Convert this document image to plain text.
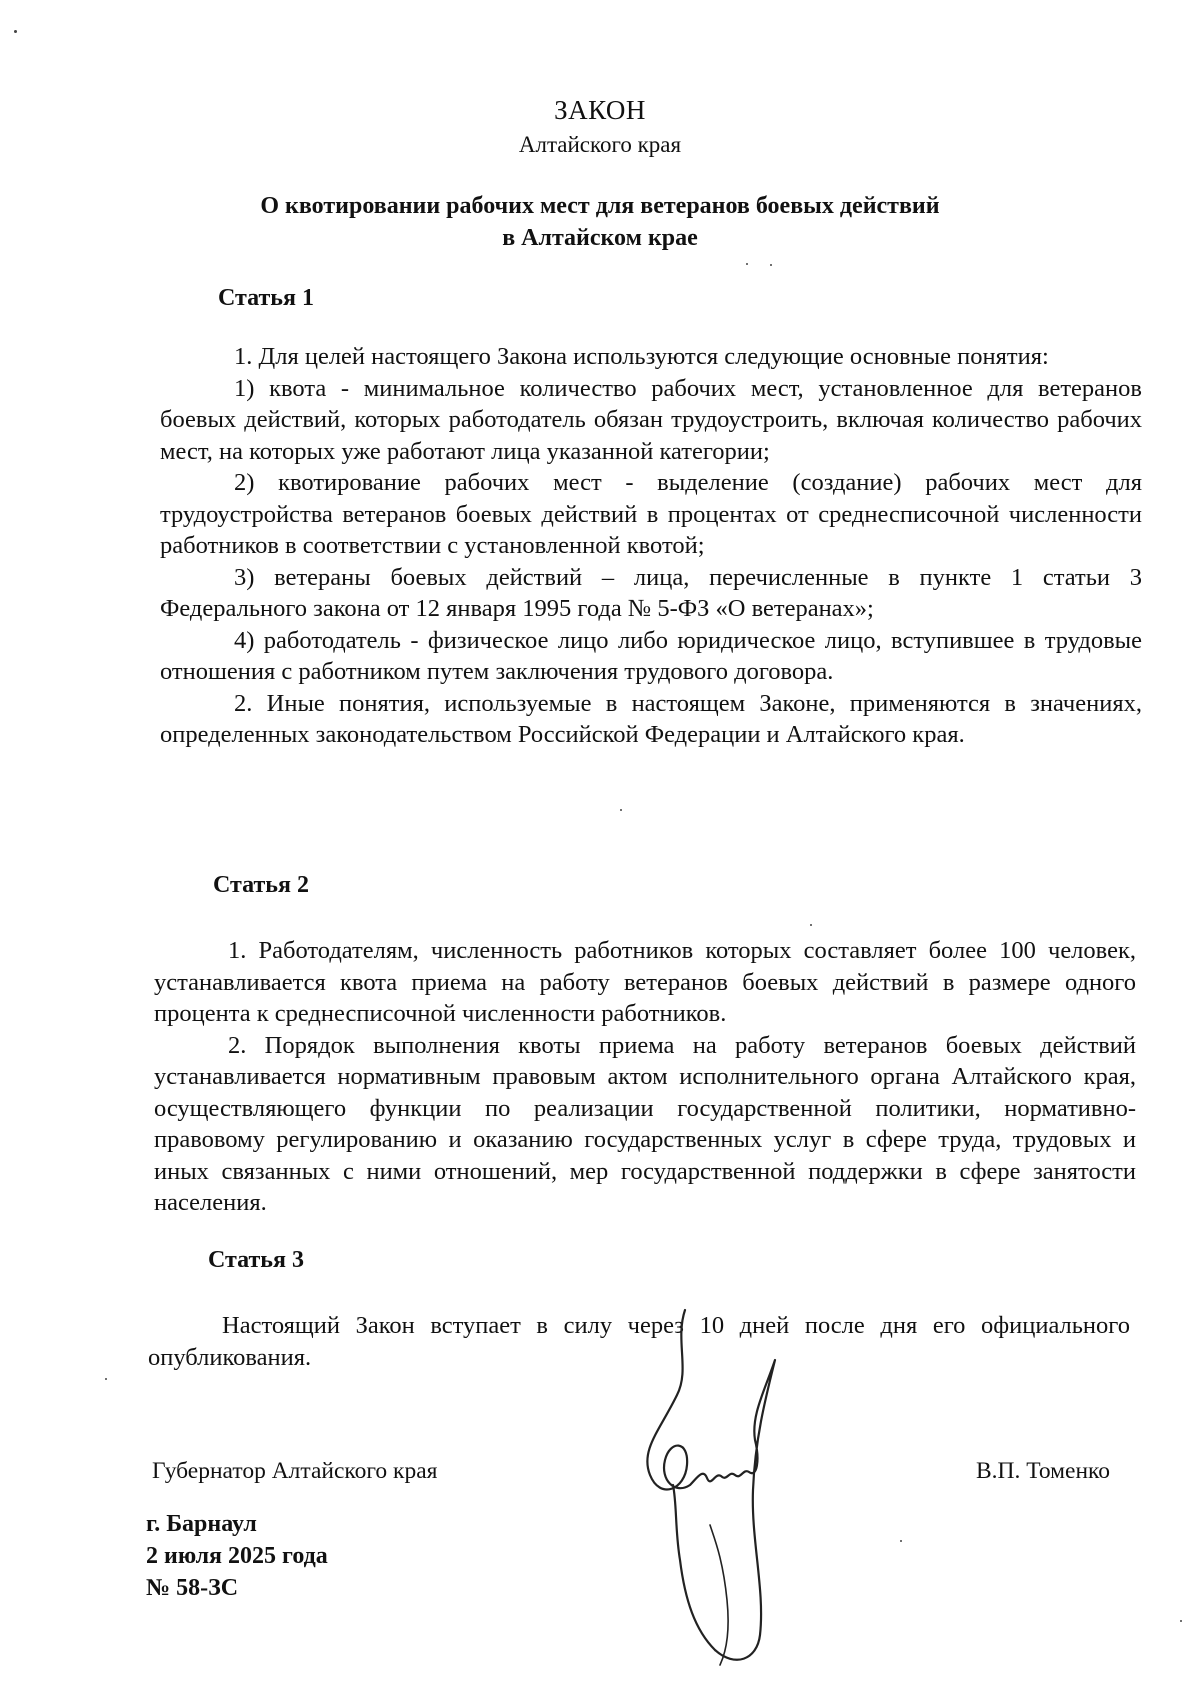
ЗАКОН
Алтайского края
О квотировании рабочих мест для ветеранов боевых действий
в Алтайском крае
Статья 1

1. Для целей настоящего Закона используются следующие основные понятия:

1) квота - минимальное количество рабочих мест, установленное для ветеранов боевых действий, которых работодатель обязан трудоустроить, включая количество рабочих мест, на которых уже работают лица указанной категории;

2) квотирование рабочих мест - выделение (создание) рабочих мест для трудоустройства ветеранов боевых действий в процентах от среднесписочной численности работников в соответствии с установленной квотой;

3) ветераны боевых действий – лица, перечисленные в пункте 1 статьи 3 Федерального закона от 12 января 1995 года № 5-ФЗ «О ветеранах»;

4) работодатель - физическое лицо либо юридическое лицо, вступившее в трудовые отношения с работником путем заключения трудового договора.

2. Иные понятия, используемые в настоящем Законе, применяются в значениях, определенных законодательством Российской Федерации и Алтайского края.

Статья 2

1. Работодателям, численность работников которых составляет более 100 человек, устанавливается квота приема на работу ветеранов боевых действий в размере одного процента к среднесписочной численности работников.

2. Порядок выполнения квоты приема на работу ветеранов боевых действий устанавливается нормативным правовым актом исполнительного органа Алтайского края, осуществляющего функции по реализации государственной политики, нормативно-правовому регулированию и оказанию государственных услуг в сфере труда, трудовых и иных связанных с ними отношений, мер государственной поддержки в сфере занятости населения.

Статья 3

Настоящий Закон вступает в силу через 10 дней после дня его официального опубликования.

Губернатор Алтайского края	В.П. Томенко
г. Барнаул
2 июля 2025 года
№ 58-ЗС
